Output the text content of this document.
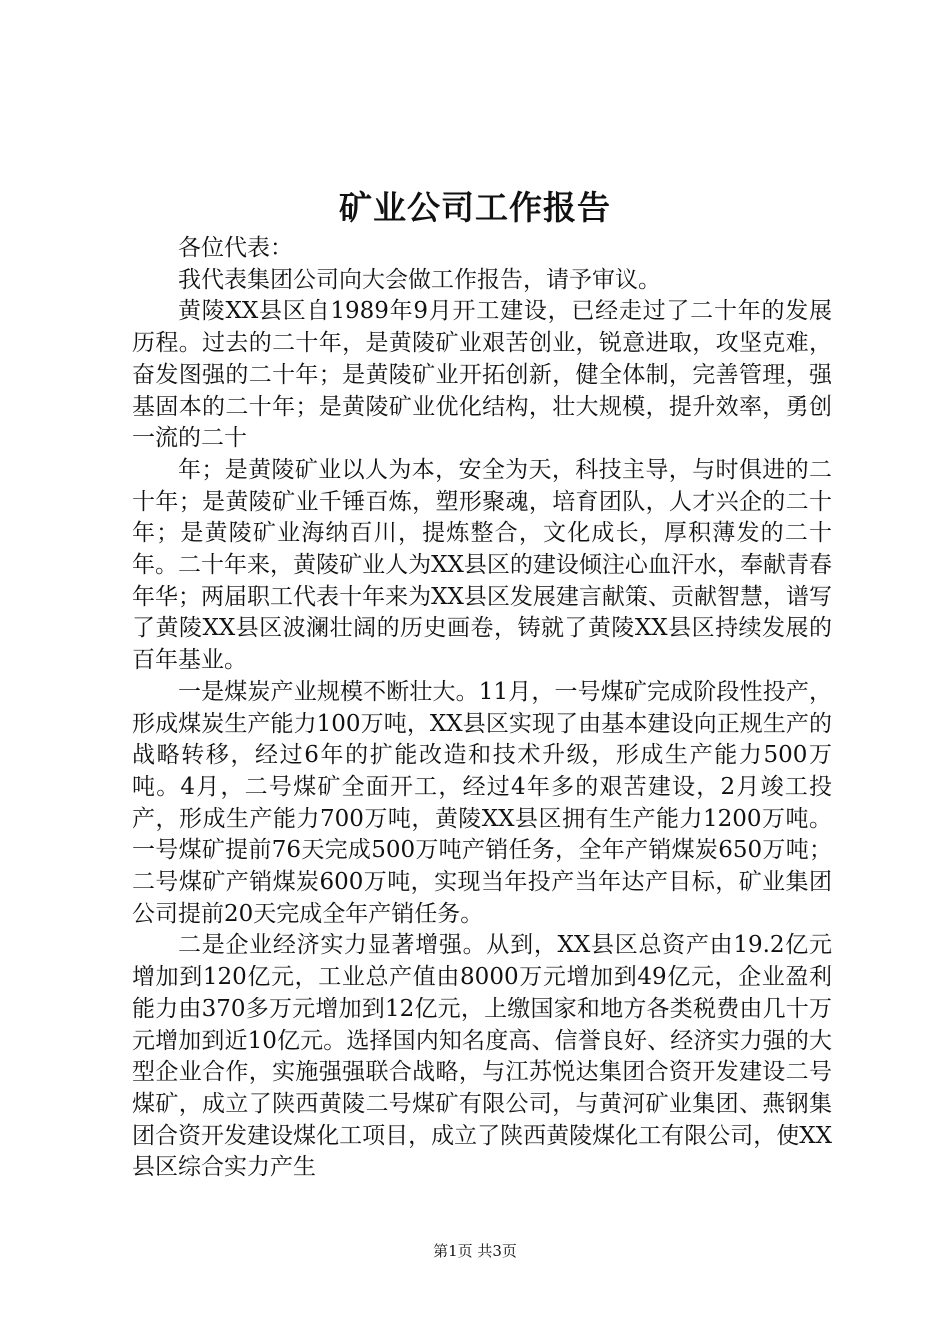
矿业公司工作报告

各位代表：

我代表集团公司向大会做工作报告，请予审议。

黄陵XX县区自1989年9月开工建设，已经走过了二十年的发展历程。过去的二十年，是黄陵矿业艰苦创业，锐意进取，攻坚克难，奋发图强的二十年；是黄陵矿业开拓创新，健全体制，完善管理，强基固本的二十年；是黄陵矿业优化结构，壮大规模，提升效率，勇创一流的二十

年；是黄陵矿业以人为本，安全为天，科技主导，与时俱进的二十年；是黄陵矿业千锤百炼，塑形聚魂，培育团队，人才兴企的二十年；是黄陵矿业海纳百川，提炼整合，文化成长，厚积薄发的二十年。二十年来，黄陵矿业人为XX县区的建设倾注心血汗水，奉献青春年华；两届职工代表十年来为XX县区发展建言献策、贡献智慧，谱写了黄陵XX县区波澜壮阔的历史画卷，铸就了黄陵XX县区持续发展的百年基业。

一是煤炭产业规模不断壮大。11月，一号煤矿完成阶段性投产，形成煤炭生产能力100万吨，XX县区实现了由基本建设向正规生产的战略转移，经过6年的扩能改造和技术升级，形成生产能力500万吨。4月，二号煤矿全面开工，经过4年多的艰苦建设，2月竣工投产，形成生产能力700万吨，黄陵XX县区拥有生产能力1200万吨。一号煤矿提前76天完成500万吨产销任务，全年产销煤炭650万吨；二号煤矿产销煤炭600万吨，实现当年投产当年达产目标，矿业集团公司提前20天完成全年产销任务。

二是企业经济实力显著增强。从到，XX县区总资产由19.2亿元增加到120亿元，工业总产值由8000万元增加到49亿元，企业盈利能力由370多万元增加到12亿元，上缴国家和地方各类税费由几十万元增加到近10亿元。选择国内知名度高、信誉良好、经济实力强的大型企业合作，实施强强联合战略，与江苏悦达集团合资开发建设二号煤矿，成立了陕西黄陵二号煤矿有限公司，与黄河矿业集团、燕钢集团合资开发建设煤化工项目，成立了陕西黄陵煤化工有限公司，使XX县区综合实力产生

第1页 共3页
